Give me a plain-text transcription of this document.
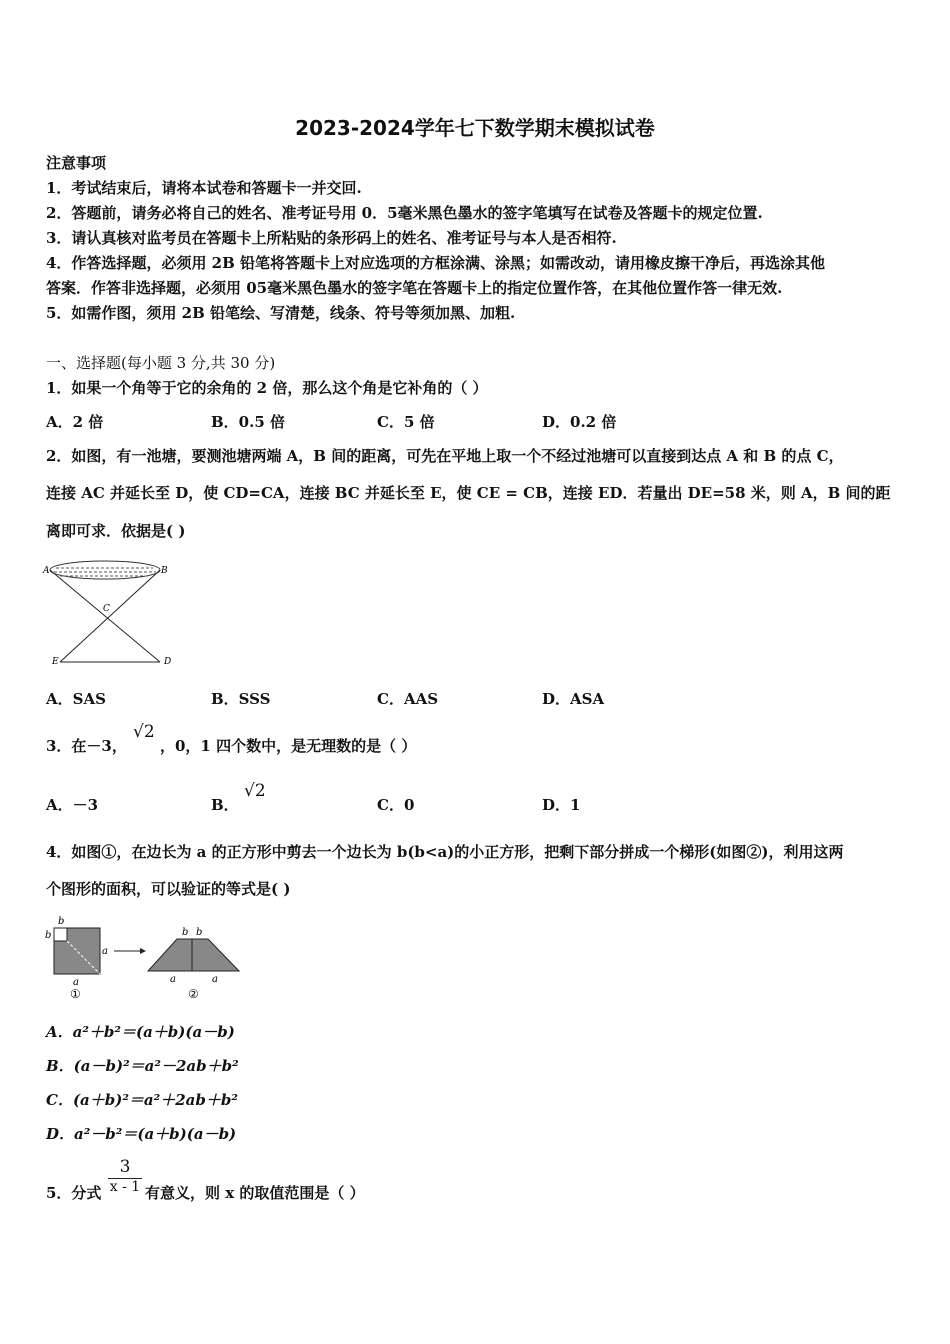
2023-2024学年七下数学期末模拟试卷
注意事项
1．考试结束后，请将本试卷和答题卡一并交回.
2．答题前，请务必将自己的姓名、准考证号用 0．5毫米黑色墨水的签字笔填写在试卷及答题卡的规定位置.
3．请认真核对监考员在答题卡上所粘贴的条形码上的姓名、准考证号与本人是否相符.
4．作答选择题，必须用 2B 铅笔将答题卡上对应选项的方框涂满、涂黑；如需改动，请用橡皮擦干净后，再选涂其他
答案．作答非选择题，必须用 05毫米黑色墨水的签字笔在答题卡上的指定位置作答，在其他位置作答一律无效.
5．如需作图，须用 2B 铅笔绘、写清楚，线条、符号等须加黑、加粗.
一、选择题(每小题 3 分,共 30 分)
1．如果一个角等于它的余角的 2 倍，那么这个角是它补角的（ ）
A．2 倍	B．0.5 倍	C．5 倍	D．0.2 倍
2．如图，有一池塘，要测池塘两端 A，B 间的距离，可先在平地上取一个不经过池塘可以直接到达点 A 和 B 的点 C，
连接 AC 并延长至 D，使 CD=CA，连接 BC 并延长至 E，使 CE = CB，连接 ED．若量出 DE=58 米，则 A，B 间的距
离即可求．依据是( )
A	B
C
D
E
A．SAS	B．SSS	C．AAS	D．ASA
3．在－3，
√2
，0，1 四个数中，是无理数的是（ ）
A．－3	B．
√2
C．0	D．1
4．如图①，在边长为 a 的正方形中剪去一个边长为 b(b<a)的小正方形，把剩下部分拼成一个梯形(如图②)，利用这两
个图形的面积，可以验证的等式是( )
b
b
a
a
①
b b
a	a
②
A．a²＋b²＝(a＋b)(a－b)
B．(a－b)²＝a²－2ab＋b²
C．(a＋b)²＝a²＋2ab＋b²
D．a²－b²＝(a＋b)(a－b)
5．分式
3
x - 1 有意义，则 x 的取值范围是（ ）
